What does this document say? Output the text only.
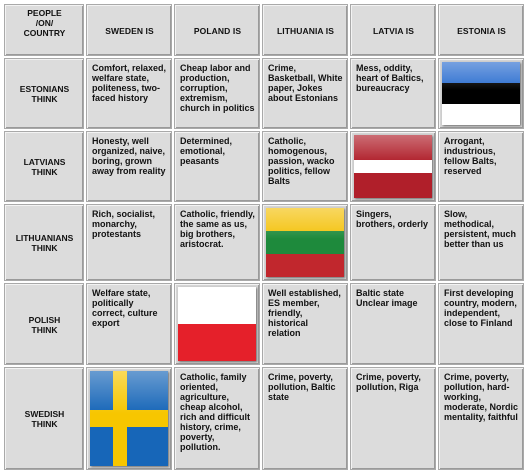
PEOPLE
/ON/
COUNTRY	SWEDEN IS	POLAND IS	LITHUANIA IS	LATVIA IS	ESTONIA IS

ESTONIANS
THINK	Comfort, relaxed, welfare state, politeness, two-faced history	Cheap labor and production, corruption, extremism, church in politics	Crime, Basketball, White paper, Jokes about Estonians	Mess, oddity, heart of Baltics, bureaucracy	

LATVIANS
THINK	Honesty, well organized, naive, boring, grown away from reality	Determined, emotional, peasants	Catholic, homogenous, passion, wacko politics, fellow Balts		Arrogant, industrious, fellow Balts, reserved

LITHUANIANS
THINK	Rich, socialist, monarchy, protestants	Catholic, friendly, the same as us, big brothers, aristocrat.		Singers, brothers, orderly	Slow, methodical, persistent, much better than us

POLISH
THINK	Welfare state, politically correct, culture export		Well established, ES member, friendly, historical relation	Baltic state Unclear image	First developing country, modern, independent, close to Finland

SWEDISH
THINK		Catholic, family oriented, agriculture, cheap alcohol, rich and difficult history, crime, poverty, pollution.	Crime, poverty, pollution, Baltic state	Crime, poverty, pollution, Riga	Crime, poverty, pollution, hard-working, moderate, Nordic mentality, faithful
